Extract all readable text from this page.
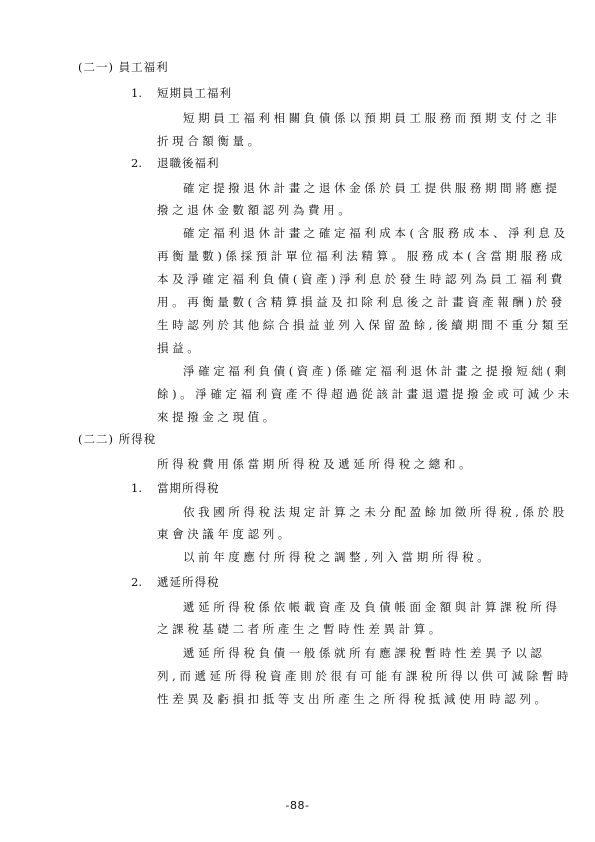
(二一) 員工福利
1. 短期員工福利
短期員工福利相關負債係以預期員工服務而預期支付之非
折現合額衡量。
2. 退職後福利
確定提撥退休計畫之退休金係於員工提供服務期間將應提
撥之退休金數額認列為費用。
確定福利退休計畫之確定福利成本(含服務成本、淨利息及
再衡量數)係採預計單位福利法精算。服務成本(含當期服務成
本及淨確定福利負債(資產)淨利息於發生時認列為員工福利費
用。再衡量數(含精算損益及扣除利息後之計畫資產報酬)於發
生時認列於其他綜合損益並列入保留盈餘,後續期間不重分類至
損益。
淨確定福利負債(資產)係確定福利退休計畫之提撥短絀(剩
餘)。淨確定福利資產不得超過從該計畫退還提撥金或可減少未
來提撥金之現值。
(二二) 所得稅
所得稅費用係當期所得稅及遞延所得稅之總和。
1. 當期所得稅
依我國所得稅法規定計算之未分配盈餘加徵所得稅,係於股
東會決議年度認列。
以前年度應付所得稅之調整,列入當期所得稅。
2. 遞延所得稅
遞延所得稅係依帳載資產及負債帳面金額與計算課稅所得
之課稅基礎二者所產生之暫時性差異計算。
遞延所得稅負債一般係就所有應課稅暫時性差異予以認
列,而遞延所得稅資產則於很有可能有課稅所得以供可減除暫時
性差異及虧損扣抵等支出所產生之所得稅抵減使用時認列。
-88-
